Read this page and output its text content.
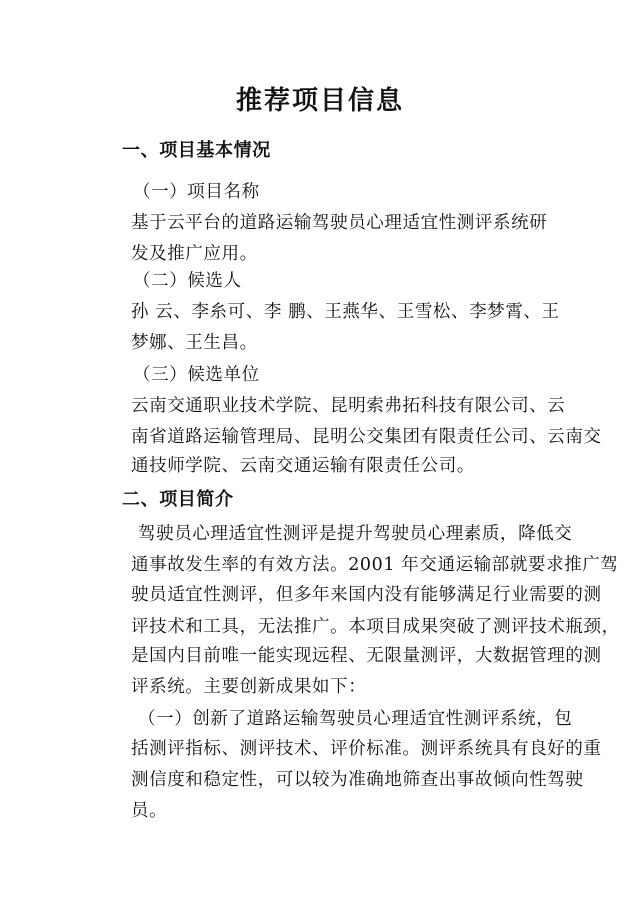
推荐项目信息
一、项目基本情况
（一）项目名称
基于云平台的道路运输驾驶员心理适宜性测评系统研
发及推广应用。
（二）候选人
孙 云、李糸可、李 鹏、王燕华、王雪松、李梦霄、王
梦娜、王生昌。
（三）候选单位
云南交通职业技术学院、昆明索弗拓科技有限公司、云
南省道路运输管理局、昆明公交集团有限责任公司、云南交
通技师学院、云南交通运输有限责任公司。
二、项目简介
驾驶员心理适宜性测评是提升驾驶员心理素质，降低交
通事故发生率的有效方法。2001 年交通运输部就要求推广驾
驶员适宜性测评，但多年来国内没有能够满足行业需要的测
评技术和工具，无法推广。本项目成果突破了测评技术瓶颈，
是国内目前唯一能实现远程、无限量测评，大数据管理的测
评系统。主要创新成果如下：
（一）创新了道路运输驾驶员心理适宜性测评系统，包
括测评指标、测评技术、评价标准。测评系统具有良好的重
测信度和稳定性，可以较为准确地筛查出事故倾向性驾驶
员。
